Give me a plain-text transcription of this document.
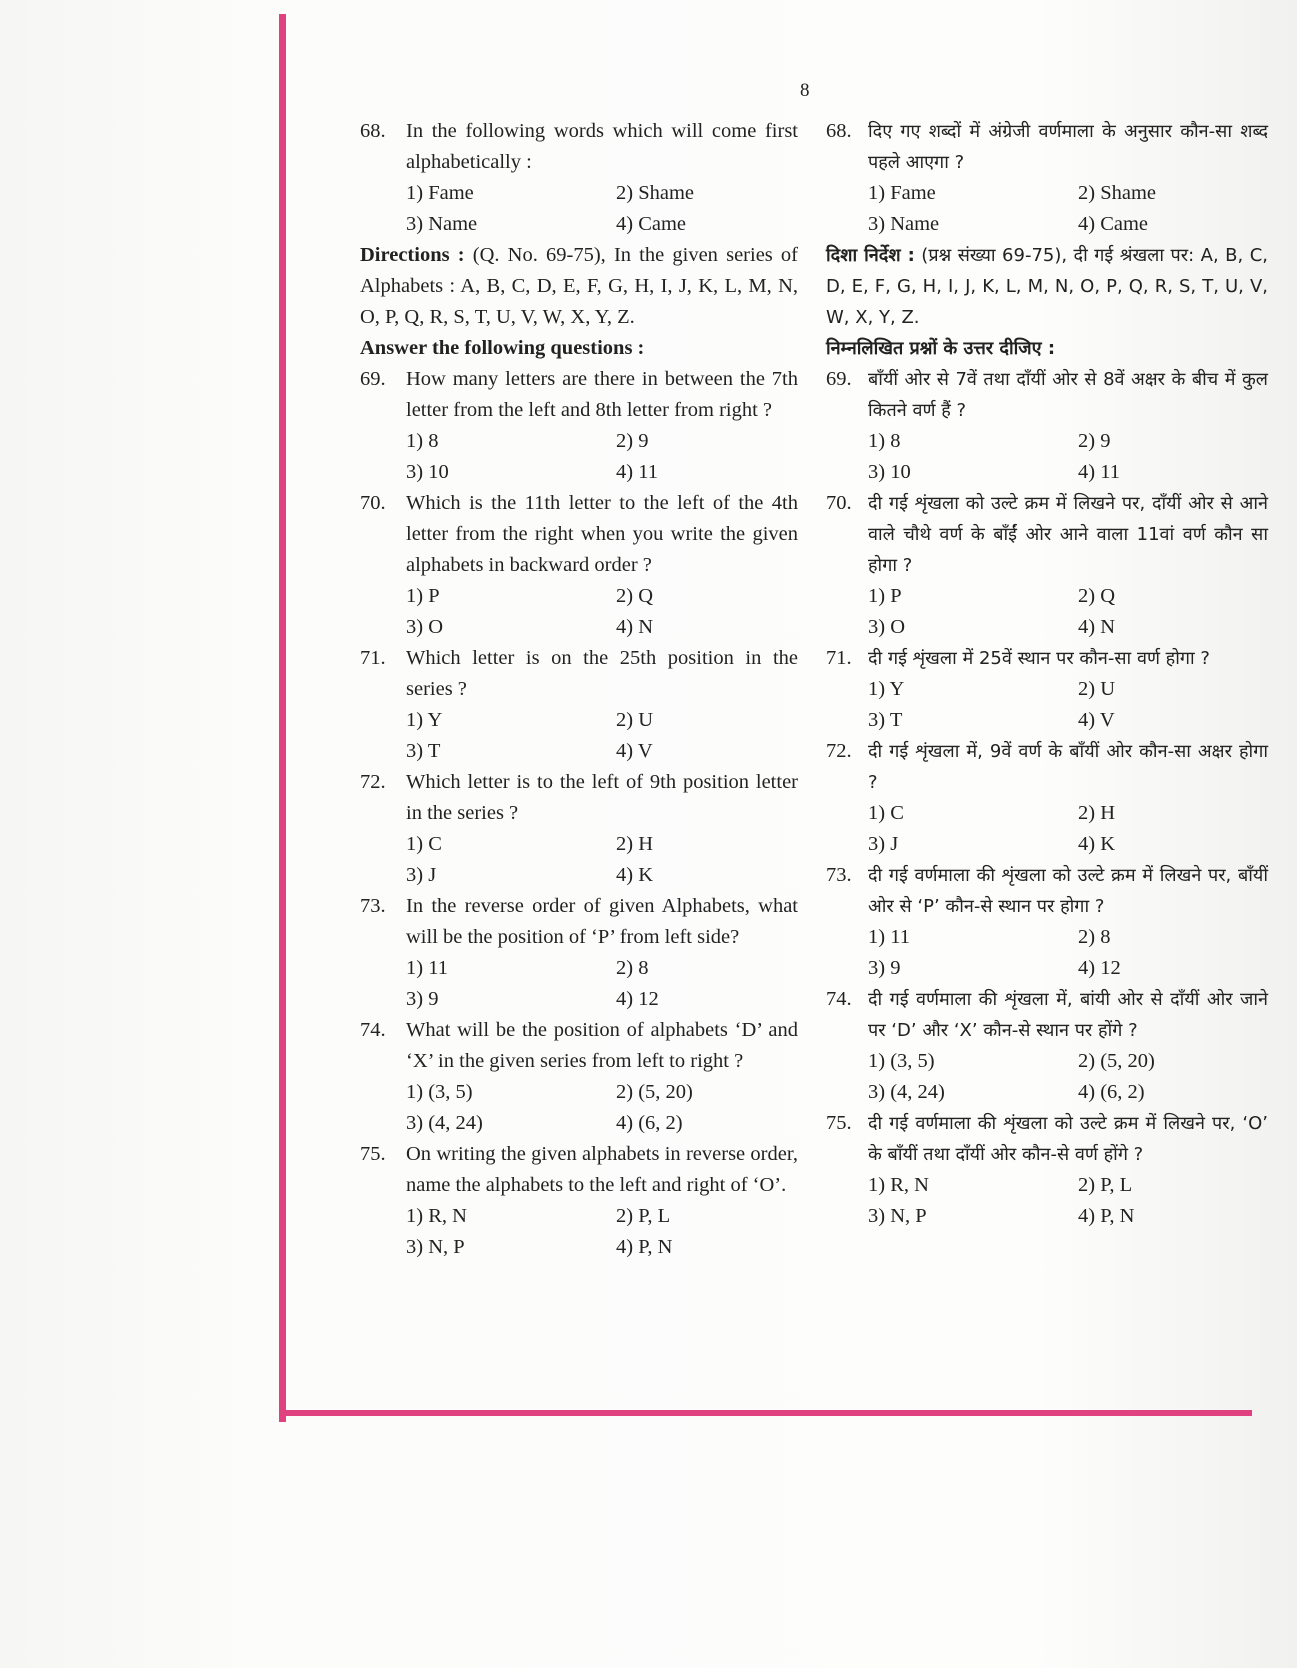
8
68. In the following words which will come first alphabetically :
1) Fame	2) Shame
3) Name	4) Came
Directions : (Q. No. 69-75), In the given series of Alphabets : A, B, C, D, E, F, G, H, I, J, K, L, M, N, O, P, Q, R, S, T, U, V, W, X, Y, Z.
Answer the following questions :
69. How many letters are there in between the 7th letter from the left and 8th letter from right ?
1) 8	2) 9
3) 10	4) 11
70. Which is the 11th letter to the left of the 4th letter from the right when you write the given alphabets in backward order ?
1) P	2) Q
3) O	4) N
71. Which letter is on the 25th position in the series ?
1) Y	2) U
3) T	4) V
72. Which letter is to the left of 9th position letter in the series ?
1) C	2) H
3) J	4) K
73. In the reverse order of given Alphabets, what will be the position of ‘P’ from left side?
1) 11	2) 8
3) 9	4) 12
74. What will be the position of alphabets ‘D’ and ‘X’ in the given series from left to right ?
1) (3, 5)	2) (5, 20)
3) (4, 24)	4) (6, 2)
75. On writing the given alphabets in reverse order, name the alphabets to the left and right of ‘O’.
1) R, N	2) P, L
3) N, P	4) P, N
68. दिए गए शब्दों में अंग्रेजी वर्णमाला के अनुसार कौन-सा शब्द पहले आएगा ?
1) Fame	2) Shame
3) Name	4) Came
दिशा निर्देश : (प्रश्न संख्या 69-75), दी गई श्रंखला पर: A, B, C, D, E, F, G, H, I, J, K, L, M, N, O, P, Q, R, S, T, U, V, W, X, Y, Z.
निम्नलिखित प्रश्नों के उत्तर दीजिए :
69. बाँयीं ओर से 7वें तथा दाँयीं ओर से 8वें अक्षर के बीच में कुल कितने वर्ण हैं ?
1) 8	2) 9
3) 10	4) 11
70. दी गई शृंखला को उल्टे क्रम में लिखने पर, दाँयीं ओर से आने वाले चौथे वर्ण के बाँईं ओर आने वाला 11वां वर्ण कौन सा होगा ?
1) P	2) Q
3) O	4) N
71. दी गई शृंखला में 25वें स्थान पर कौन-सा वर्ण होगा ?
1) Y	2) U
3) T	4) V
72. दी गई शृंखला में, 9वें वर्ण के बाँयीं ओर कौन-सा अक्षर होगा ?
1) C	2) H
3) J	4) K
73. दी गई वर्णमाला की शृंखला को उल्टे क्रम में लिखने पर, बाँयीं ओर से ‘P’ कौन-से स्थान पर होगा ?
1) 11	2) 8
3) 9	4) 12
74. दी गई वर्णमाला की शृंखला में, बांयी ओर से दाँयीं ओर जाने पर ‘D’ और ‘X’ कौन-से स्थान पर होंगे ?
1) (3, 5)	2) (5, 20)
3) (4, 24)	4) (6, 2)
75. दी गई वर्णमाला की शृंखला को उल्टे क्रम में लिखने पर, ‘O’ के बाँयीं तथा दाँयीं ओर कौन-से वर्ण होंगे ?
1) R, N	2) P, L
3) N, P	4) P, N
